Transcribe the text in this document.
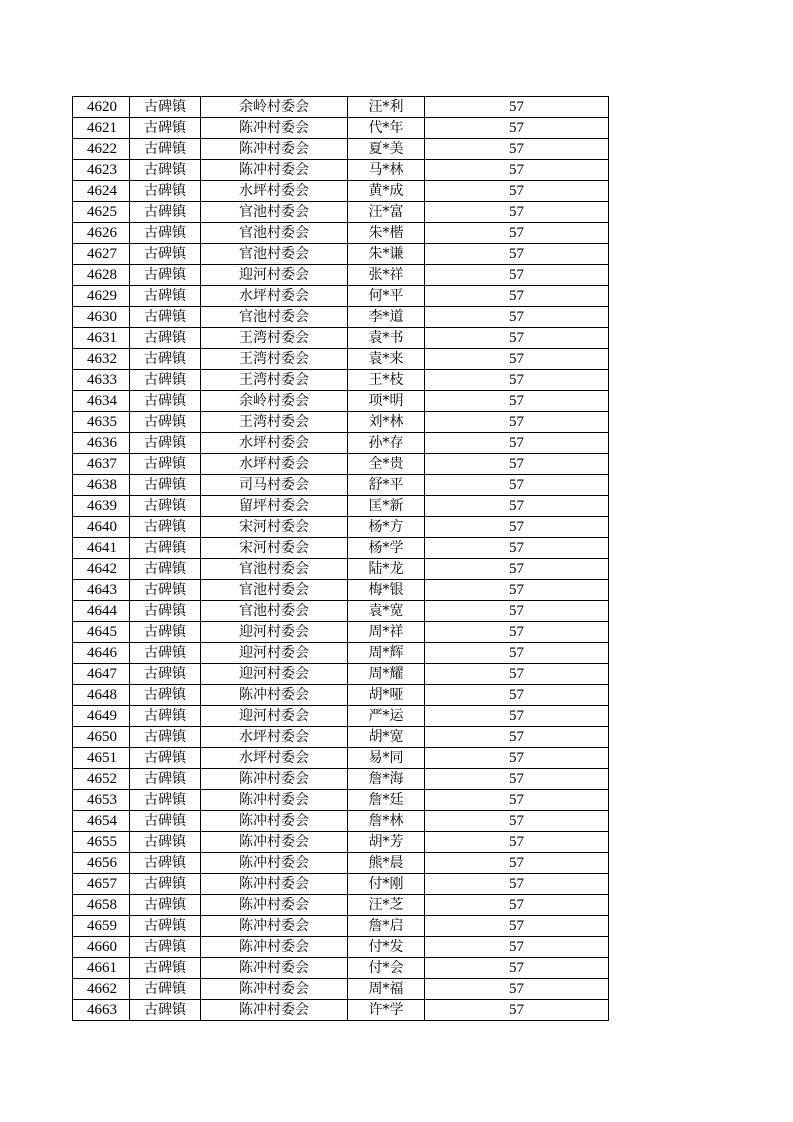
4620	古碑镇	余岭村委会	汪*利	57
4621	古碑镇	陈冲村委会	代*年	57
4622	古碑镇	陈冲村委会	夏*美	57
4623	古碑镇	陈冲村委会	马*林	57
4624	古碑镇	水坪村委会	黄*成	57
4625	古碑镇	官池村委会	汪*富	57
4626	古碑镇	官池村委会	朱*楷	57
4627	古碑镇	官池村委会	朱*谦	57
4628	古碑镇	迎河村委会	张*祥	57
4629	古碑镇	水坪村委会	何*平	57
4630	古碑镇	官池村委会	李*道	57
4631	古碑镇	王湾村委会	袁*书	57
4632	古碑镇	王湾村委会	袁*来	57
4633	古碑镇	王湾村委会	王*枝	57
4634	古碑镇	余岭村委会	项*明	57
4635	古碑镇	王湾村委会	刘*林	57
4636	古碑镇	水坪村委会	孙*存	57
4637	古碑镇	水坪村委会	全*贵	57
4638	古碑镇	司马村委会	舒*平	57
4639	古碑镇	留坪村委会	匡*新	57
4640	古碑镇	宋河村委会	杨*方	57
4641	古碑镇	宋河村委会	杨*学	57
4642	古碑镇	官池村委会	陆*龙	57
4643	古碑镇	官池村委会	梅*银	57
4644	古碑镇	官池村委会	袁*宽	57
4645	古碑镇	迎河村委会	周*祥	57
4646	古碑镇	迎河村委会	周*辉	57
4647	古碑镇	迎河村委会	周*耀	57
4648	古碑镇	陈冲村委会	胡*哑	57
4649	古碑镇	迎河村委会	严*运	57
4650	古碑镇	水坪村委会	胡*宽	57
4651	古碑镇	水坪村委会	易*同	57
4652	古碑镇	陈冲村委会	詹*海	57
4653	古碑镇	陈冲村委会	詹*廷	57
4654	古碑镇	陈冲村委会	詹*林	57
4655	古碑镇	陈冲村委会	胡*芳	57
4656	古碑镇	陈冲村委会	熊*晨	57
4657	古碑镇	陈冲村委会	付*刚	57
4658	古碑镇	陈冲村委会	汪*芝	57
4659	古碑镇	陈冲村委会	詹*启	57
4660	古碑镇	陈冲村委会	付*发	57
4661	古碑镇	陈冲村委会	付*会	57
4662	古碑镇	陈冲村委会	周*福	57
4663	古碑镇	陈冲村委会	许*学	57
